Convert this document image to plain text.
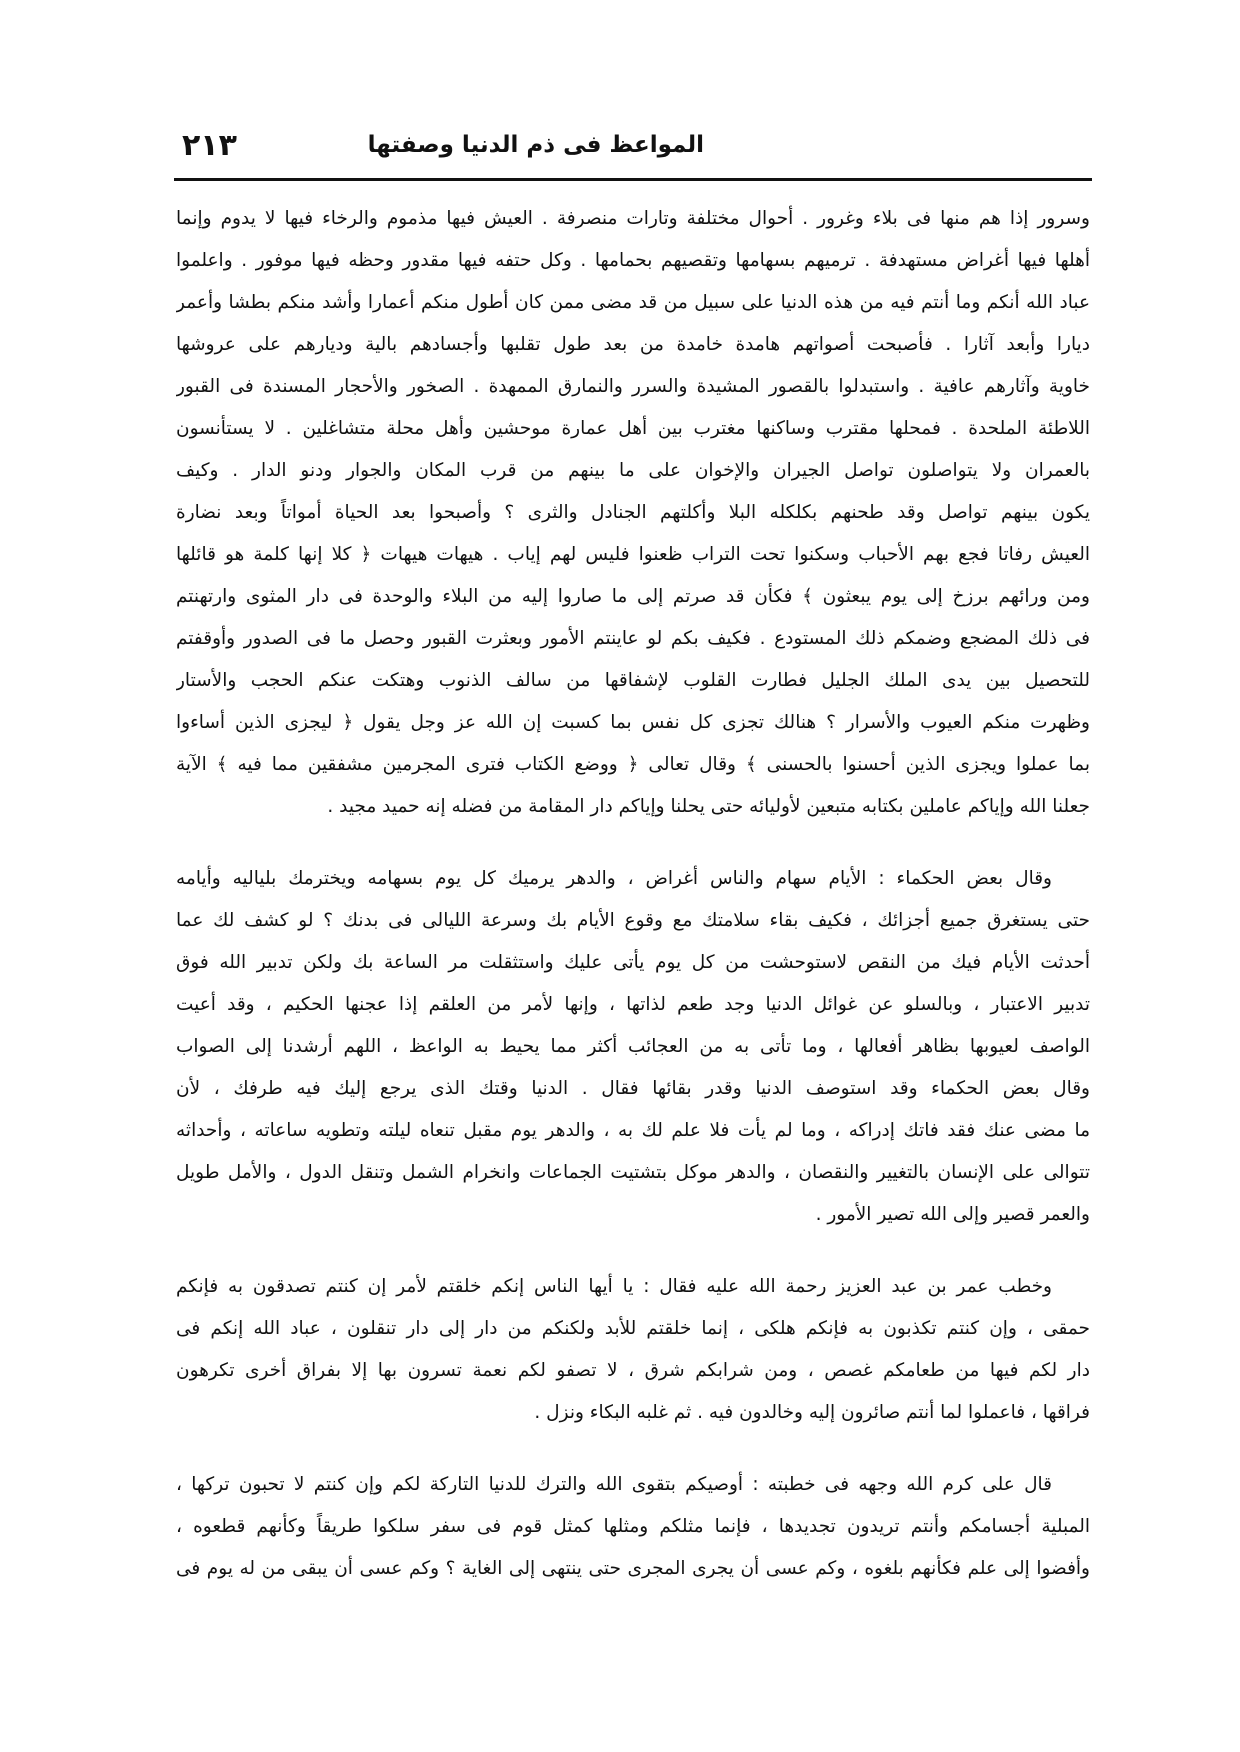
المواعظ فى ذم الدنيا وصفتها
٢١٣
وسرور إذا هم منها فى بلاء وغرور . أحوال مختلفة وتارات منصرفة . العيش فيها مذموم والرخاء فيها لا يدوم وإنما
أهلها فيها أغراض مستهدفة . ترميهم بسهامها وتقصيهم بحمامها . وكل حتفه فيها مقدور وحظه فيها موفور . واعلموا
عباد الله أنكم وما أنتم فيه من هذه الدنيا على سبيل من قد مضى ممن كان أطول منكم أعمارا وأشد منكم بطشا وأعمر
ديارا وأبعد آثارا . فأصبحت أصواتهم هامدة خامدة من بعد طول تقلبها وأجسادهم بالية وديارهم على عروشها
خاوية وآثارهم عافية . واستبدلوا بالقصور المشيدة والسرر والنمارق الممهدة . الصخور والأحجار المسندة فى القبور
اللاطئة الملحدة . فمحلها مقترب وساكنها مغترب بين أهل عمارة موحشين وأهل محلة متشاغلين . لا يستأنسون
بالعمران ولا يتواصلون تواصل الجيران والإخوان على ما بينهم من قرب المكان والجوار ودنو الدار . وكيف
يكون بينهم تواصل وقد طحنهم بكلكله البلا وأكلتهم الجنادل والثرى ؟ وأصبحوا بعد الحياة أمواتاً وبعد نضارة
العيش رفاتا فجع بهم الأحباب وسكنوا تحت التراب ظعنوا فليس لهم إياب . هيهات هيهات ﴿ كلا إنها كلمة هو قائلها
ومن ورائهم برزخ إلى يوم يبعثون ﴾ فكأن قد صرتم إلى ما صاروا إليه من البلاء والوحدة فى دار المثوى وارتهنتم
فى ذلك المضجع وضمكم ذلك المستودع . فكيف بكم لو عاينتم الأمور وبعثرت القبور وحصل ما فى الصدور وأوقفتم
للتحصيل بين يدى الملك الجليل فطارت القلوب لإشفاقها من سالف الذنوب وهتكت عنكم الحجب والأستار
وظهرت منكم العيوب والأسرار ؟ هنالك تجزى كل نفس بما كسبت إن الله عز وجل يقول ﴿ ليجزى الذين أساءوا
بما عملوا ويجزى الذين أحسنوا بالحسنى ﴾ وقال تعالى ﴿ ووضع الكتاب فترى المجرمين مشفقين مما فيه ﴾ الآية
جعلنا الله وإياكم عاملين بكتابه متبعين لأوليائه حتى يحلنا وإياكم دار المقامة من فضله إنه حميد مجيد .
وقال بعض الحكماء : الأيام سهام والناس أغراض ، والدهر يرميك كل يوم بسهامه ويخترمك بلياليه وأيامه
حتى يستغرق جميع أجزائك ، فكيف بقاء سلامتك مع وقوع الأيام بك وسرعة الليالى فى بدنك ؟ لو كشف لك عما
أحدثت الأيام فيك من النقص لاستوحشت من كل يوم يأتى عليك واستثقلت مر الساعة بك ولكن تدبير الله فوق
تدبير الاعتبار ، وبالسلو عن غوائل الدنيا وجد طعم لذاتها ، وإنها لأمر من العلقم إذا عجنها الحكيم ، وقد أعيت
الواصف لعيوبها بظاهر أفعالها ، وما تأتى به من العجائب أكثر مما يحيط به الواعظ ، اللهم أرشدنا إلى الصواب
وقال بعض الحكماء وقد استوصف الدنيا وقدر بقائها فقال . الدنيا وقتك الذى يرجع إليك فيه طرفك ، لأن
ما مضى عنك فقد فاتك إدراكه ، وما لم يأت فلا علم لك به ، والدهر يوم مقبل تنعاه ليلته وتطويه ساعاته ، وأحداثه
تتوالى على الإنسان بالتغيير والنقصان ، والدهر موكل بتشتيت الجماعات وانخرام الشمل وتنقل الدول ، والأمل طويل
والعمر قصير وإلى الله تصير الأمور .
وخطب عمر بن عبد العزيز رحمة الله عليه فقال : يا أيها الناس إنكم خلقتم لأمر إن كنتم تصدقون به فإنكم
حمقى ، وإن كنتم تكذبون به فإنكم هلكى ، إنما خلقتم للأبد ولكنكم من دار إلى دار تنقلون ، عباد الله إنكم فى
دار لكم فيها من طعامكم غصص ، ومن شرابكم شرق ، لا تصفو لكم نعمة تسرون بها إلا بفراق أخرى تكرهون
فراقها ، فاعملوا لما أنتم صائرون إليه وخالدون فيه . ثم غلبه البكاء ونزل .
قال على كرم الله وجهه فى خطبته : أوصيكم بتقوى الله والترك للدنيا التاركة لكم وإن كنتم لا تحبون تركها ،
المبلية أجسامكم وأنتم تريدون تجديدها ، فإنما مثلكم ومثلها كمثل قوم فى سفر سلكوا طريقاً وكأنهم قطعوه ،
وأفضوا إلى علم فكأنهم بلغوه ، وكم عسى أن يجرى المجرى حتى ينتهى إلى الغاية ؟ وكم عسى أن يبقى من له يوم فى
